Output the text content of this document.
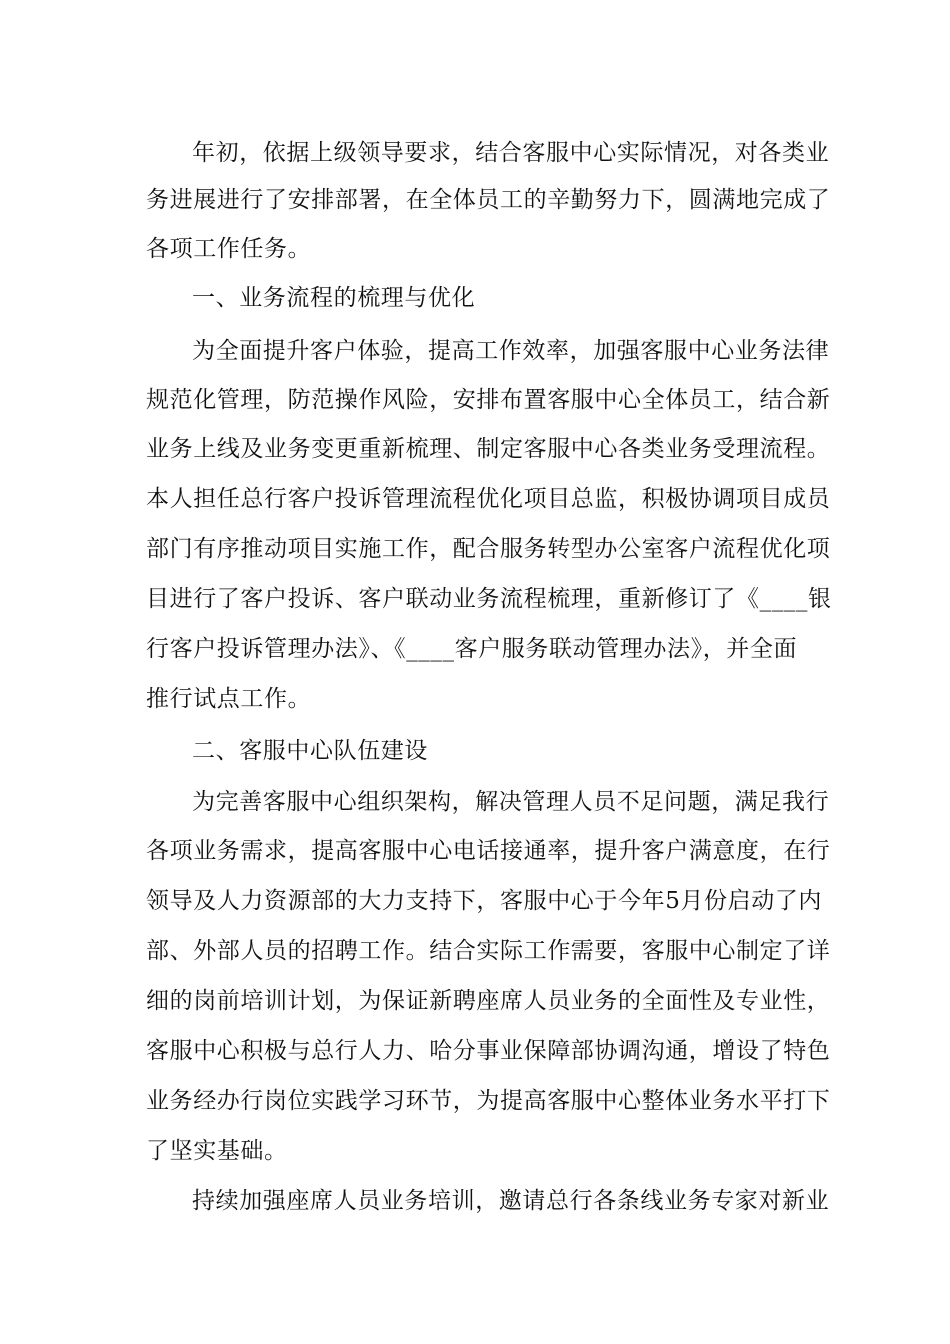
年初，依据上级领导要求，结合客服中心实际情况，对各类业
务进展进行了安排部署，在全体员工的辛勤努力下，圆满地完成了
各项工作任务。
一、业务流程的梳理与优化
为全面提升客户体验，提高工作效率，加强客服中心业务法律
规范化管理，防范操作风险，安排布置客服中心全体员工，结合新
业务上线及业务变更重新梳理、制定客服中心各类业务受理流程。
本人担任总行客户投诉管理流程优化项目总监，积极协调项目成员
部门有序推动项目实施工作，配合服务转型办公室客户流程优化项
目进行了客户投诉、客户联动业务流程梳理，重新修订了《____银
行客户投诉管理办法》、《____客户服务联动管理办法》，并全面
推行试点工作。
二、客服中心队伍建设
为完善客服中心组织架构，解决管理人员不足问题，满足我行
各项业务需求，提高客服中心电话接通率，提升客户满意度，在行
领导及人力资源部的大力支持下，客服中心于今年5月份启动了内
部、外部人员的招聘工作。结合实际工作需要，客服中心制定了详
细的岗前培训计划，为保证新聘座席人员业务的全面性及专业性，
客服中心积极与总行人力、哈分事业保障部协调沟通，增设了特色
业务经办行岗位实践学习环节，为提高客服中心整体业务水平打下
了坚实基础。
持续加强座席人员业务培训，邀请总行各条线业务专家对新业
